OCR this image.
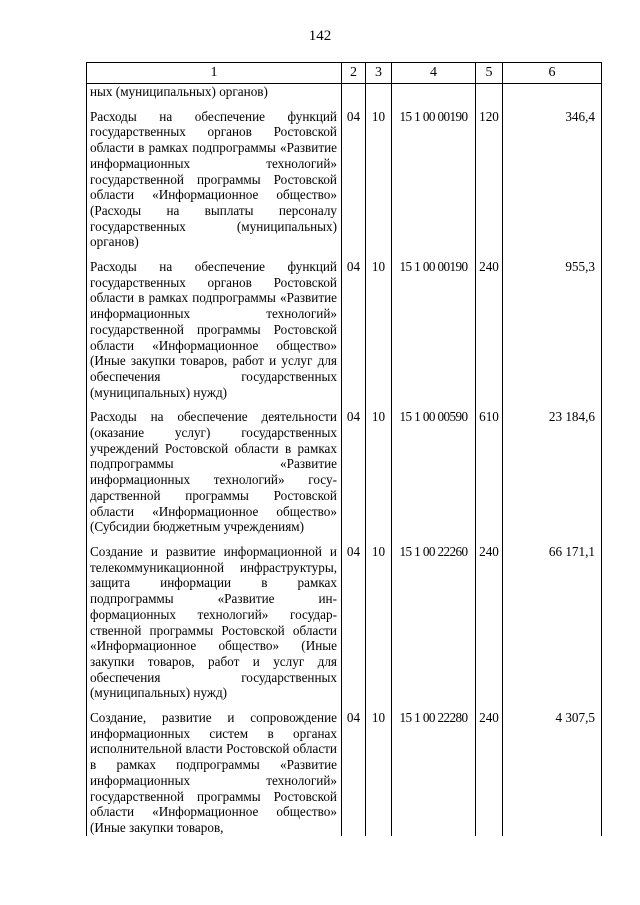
142
1	2	3	4	5	6
ных (муниципальных) органов)					
Расходы на обеспечение функций государственных органов Ростовской области в рамках подпрограммы «Развитие информационных технологий» государственной программы Ростовской области «Информационное общество» (Расходы на выплаты персоналу государственных (муниципальных) органов)	04	10	15 1 00 00190	120	346,4
Расходы на обеспечение функций государственных органов Ростовской области в рамках подпрограммы «Развитие информационных технологий» государственной программы Ростовской области «Информационное общество» (Иные закупки товаров, работ и услуг для обеспечения государственных (муниципальных) нужд)	04	10	15 1 00 00190	240	955,3
Расходы на обеспечение деятельности (оказание услуг) государственных учреждений Ростовской области в рамках подпрограммы «Развитие информационных технологий» государственной программы Ростовской области «Информационное общество» (Субсидии бюджетным учреждениям)	04	10	15 1 00 00590	610	23 184,6
Создание и развитие информационной и телекоммуникационной инфраструктуры, защита информации в рамках подпрограммы «Развитие информационных технологий» государственной программы Ростовской области «Информационное общество» (Иные закупки товаров, работ и услуг для обеспечения государственных (муниципальных) нужд)	04	10	15 1 00 22260	240	66 171,1
Создание, развитие и сопровождение информационных систем в органах исполнительной власти Ростовской области в рамках подпрограммы «Развитие информационных технологий» государственной программы Ростовской области «Информационное общество» (Иные закупки товаров,	04	10	15 1 00 22280	240	4 307,5
